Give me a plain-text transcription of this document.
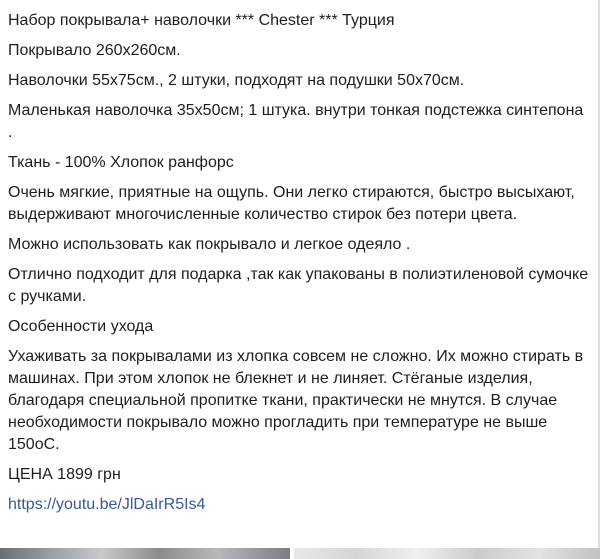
Набор покрывала+ наволочки *** Chester *** Турция

Покрывало 260х260см.

Наволочки 55х75см., 2 штуки, подходят на подушки 50х70см.

Маленькая наволочка 35х50см; 1 штука. внутри тонкая подстежка синтепона .

Ткань - 100% Хлопок ранфорс

Очень мягкие, приятные на ощупь. Они легко стираются, быстро высыхают, выдерживают многочисленные количество стирок без потери цвета.

Можно использовать как покрывало и легкое одеяло .

Отлично подходит для подарка ,так как упакованы в полиэтиленовой сумочке с ручками.

Особенности ухода

Ухаживать за покрывалами из хлопка совсем не сложно. Их можно стирать в машинах. При этом хлопок не блекнет и не линяет. Стёганые изделия, благодаря специальной пропитке ткани, практически не мнутся. В случае необходимости покрывало можно прогладить при температуре не выше 150оС.

ЦЕНА 1899 грн

https://youtu.be/JlDaIrR5Is4
